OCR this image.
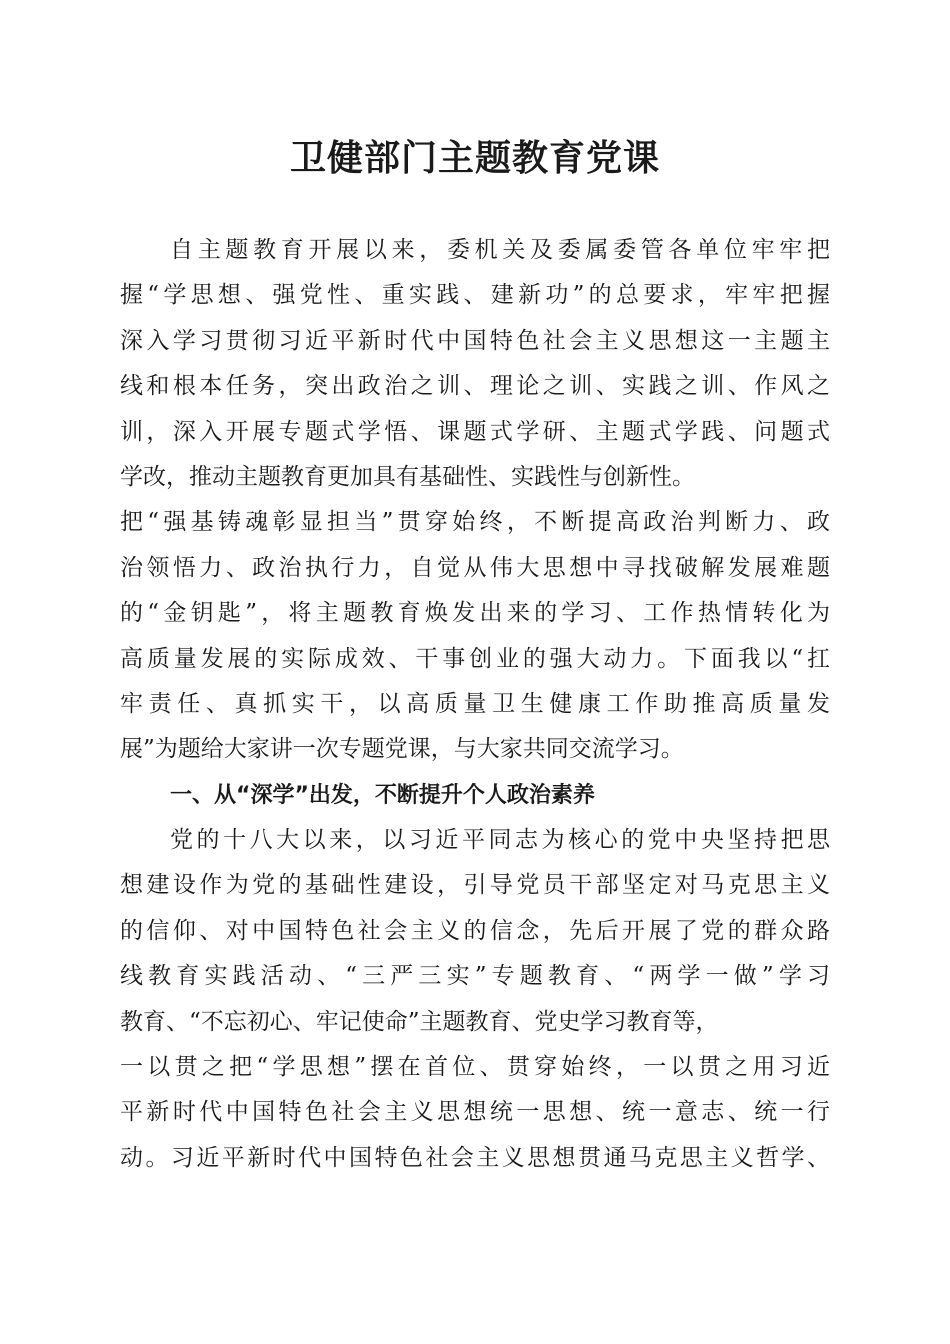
卫健部门主题教育党课
自主题教育开展以来，委机关及委属委管各单位牢牢把
握“学思想、强党性、重实践、建新功”的总要求，牢牢把握
深入学习贯彻习近平新时代中国特色社会主义思想这一主题主
线和根本任务，突出政治之训、理论之训、实践之训、作风之
训，深入开展专题式学悟、课题式学研、主题式学践、问题式
学改，推动主题教育更加具有基础性、实践性与创新性。
把“强基铸魂彰显担当”贯穿始终，不断提高政治判断力、政
治领悟力、政治执行力，自觉从伟大思想中寻找破解发展难题
的“金钥匙”，将主题教育焕发出来的学习、工作热情转化为
高质量发展的实际成效、干事创业的强大动力。下面我以“扛
牢责任、真抓实干，以高质量卫生健康工作助推高质量发
展”为题给大家讲一次专题党课，与大家共同交流学习。
一、从“深学”出发，不断提升个人政治素养
党的十八大以来，以习近平同志为核心的党中央坚持把思
想建设作为党的基础性建设，引导党员干部坚定对马克思主义
的信仰、对中国特色社会主义的信念，先后开展了党的群众路
线教育实践活动、“三严三实”专题教育、“两学一做”学习
教育、“不忘初心、牢记使命”主题教育、党史学习教育等，
一以贯之把“学思想”摆在首位、贯穿始终，一以贯之用习近
平新时代中国特色社会主义思想统一思想、统一意志、统一行
动。习近平新时代中国特色社会主义思想贯通马克思主义哲学、
